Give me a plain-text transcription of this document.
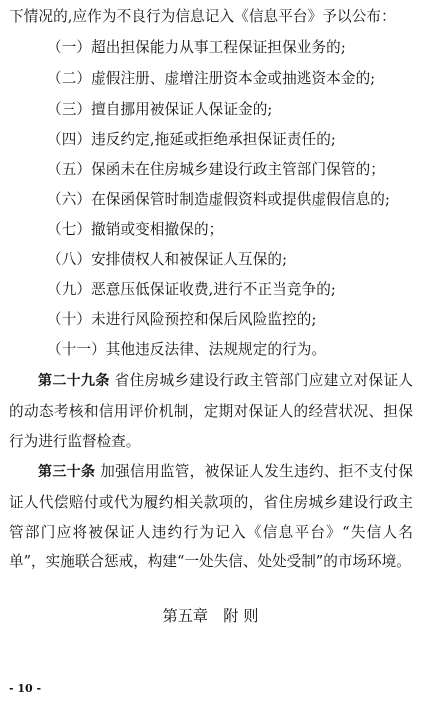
下情况的,应作为不良行为信息记入《信息平台》予以公布：
（一）超出担保能力从事工程保证担保业务的;
（二）虚假注册、虚增注册资本金或抽逃资本金的;
（三）擅自挪用被保证人保证金的;
（四）违反约定,拖延或拒绝承担保证责任的;
（五）保函未在住房城乡建设行政主管部门保管的；
（六）在保函保管时制造虚假资料或提供虚假信息的;
（七）撤销或变相撤保的；
（八）安排债权人和被保证人互保的;
（九）恶意压低保证收费,进行不正当竞争的;
（十）未进行风险预控和保后风险监控的;
（十一）其他违反法律、法规规定的行为。
第二十九条 省住房城乡建设行政主管部门应建立对保证人的动态考核和信用评价机制，定期对保证人的经营状况、担保行为进行监督检查。
第三十条 加强信用监管，被保证人发生违约、拒不支付保证人代偿赔付或代为履约相关款项的，省住房城乡建设行政主管部门应将被保证人违约行为记入《信息平台》“失信人名单”，实施联合惩戒，构建“一处失信、处处受制”的市场环境。
第五章　附 则
- 10 -
